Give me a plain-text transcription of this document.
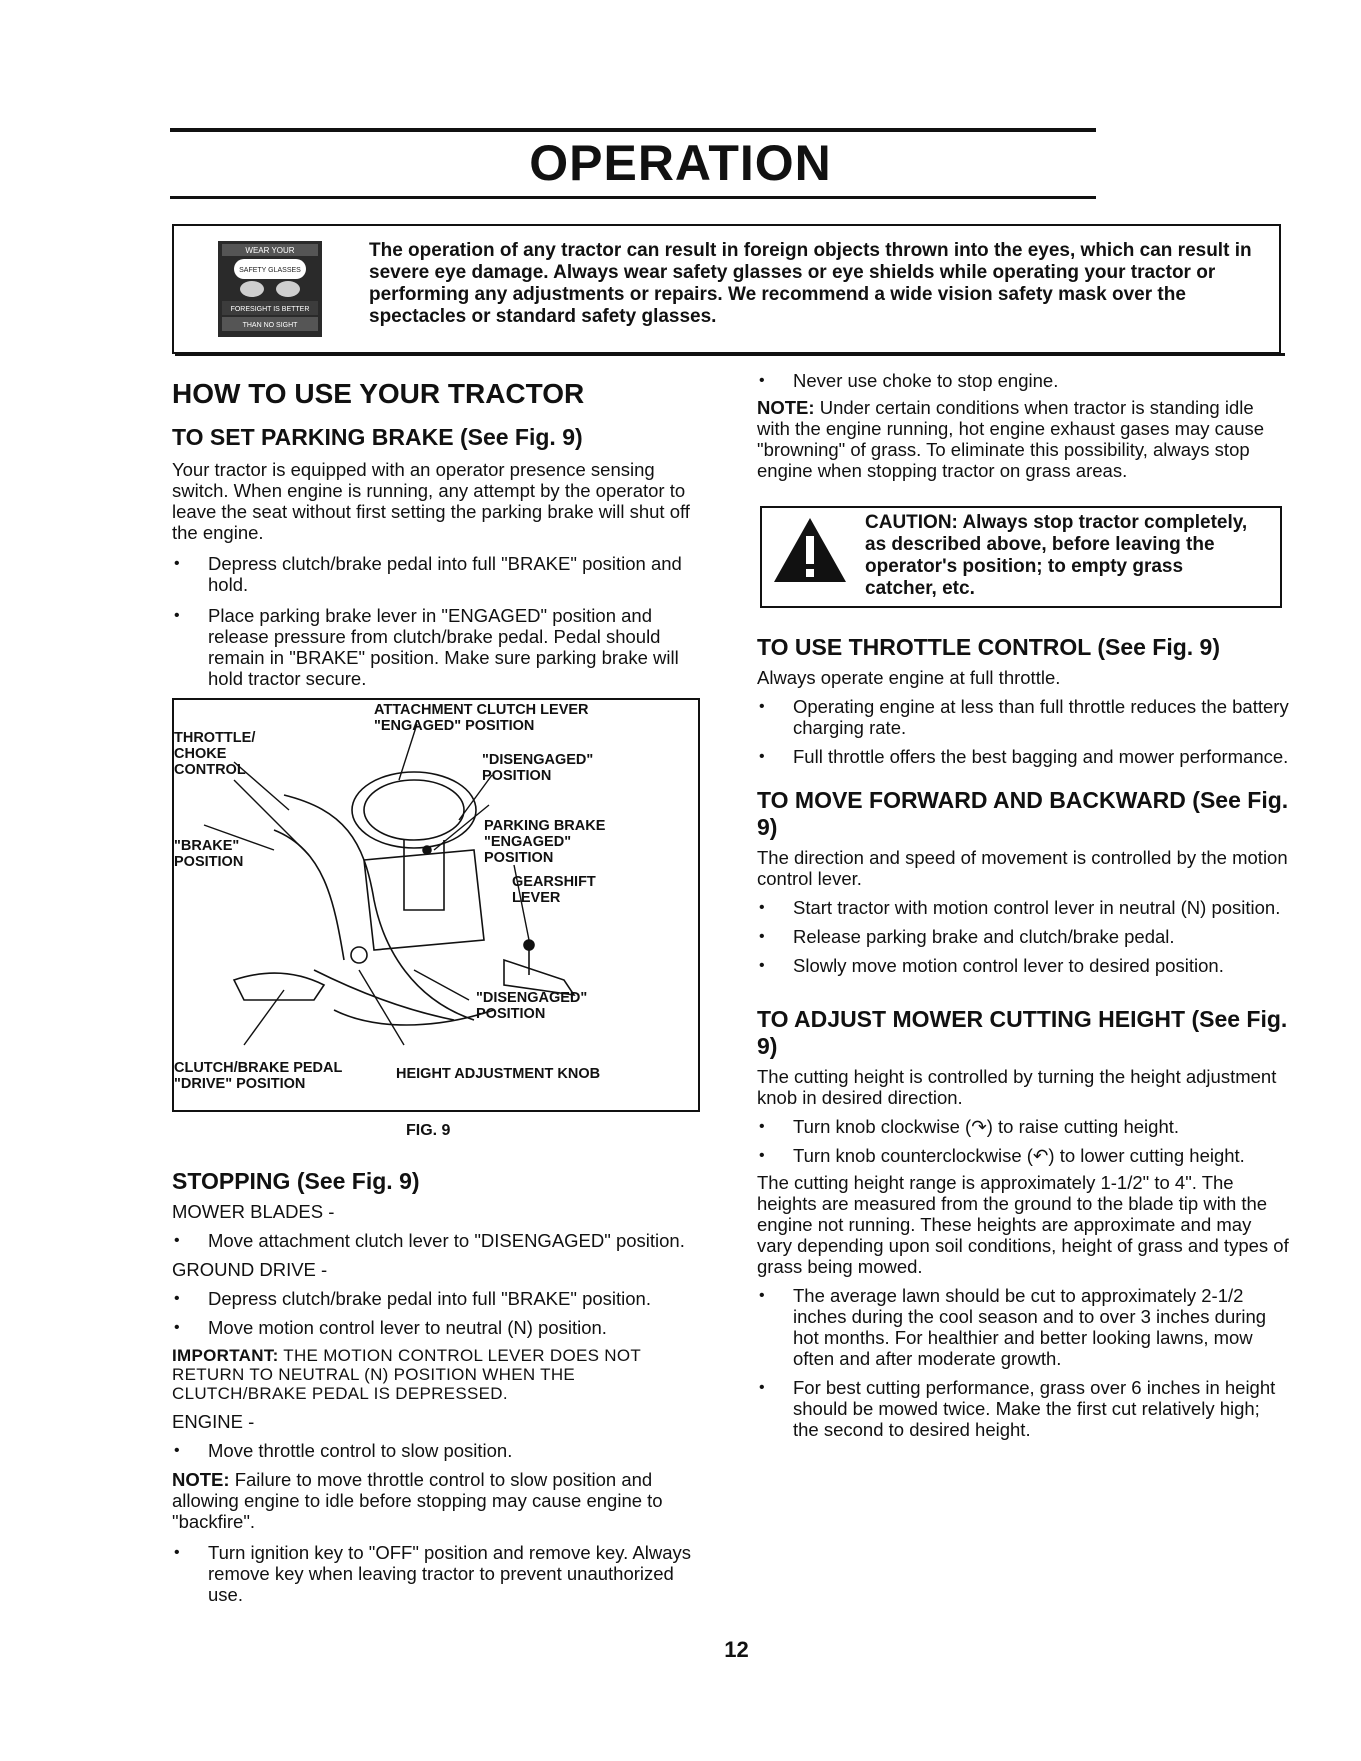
OPERATION
WEAR YOUR
SAFETY GLASSES
FORESIGHT IS BETTER
THAN NO SIGHT
The operation of any tractor can result in foreign objects thrown into the eyes, which can result in severe eye damage. Always wear safety glasses or eye shields while operating your tractor or performing any adjustments or repairs. We recommend a wide vision safety mask over the spectacles or standard safety glasses.
HOW TO USE YOUR TRACTOR
TO SET PARKING BRAKE (See Fig. 9)

Your tractor is equipped with an operator presence sensing switch. When engine is running, any attempt by the operator to leave the seat without first setting the parking brake will shut off the engine.

• Depress clutch/brake pedal into full "BRAKE" position and hold.

• Place parking brake lever in "ENGAGED" position and release pressure from clutch/brake pedal. Pedal should remain in "BRAKE" position. Make sure parking brake will hold tractor secure.

ATTACHMENT CLUTCH LEVER
"ENGAGED" POSITION
THROTTLE/
CHOKE
CONTROL
"DISENGAGED"
POSITION
"BRAKE"
POSITION
PARKING BRAKE
"ENGAGED"
POSITION
GEARSHIFT
LEVER
"DISENGAGED"
POSITION
CLUTCH/BRAKE PEDAL
"DRIVE" POSITION
HEIGHT ADJUSTMENT KNOB
FIG. 9
STOPPING (See Fig. 9)

MOWER BLADES -

• Move attachment clutch lever to "DISENGAGED" position.

GROUND DRIVE -

• Depress clutch/brake pedal into full "BRAKE" position.

• Move motion control lever to neutral (N) position.

IMPORTANT: THE MOTION CONTROL LEVER DOES NOT RETURN TO NEUTRAL (N) POSITION WHEN THE CLUTCH/BRAKE PEDAL IS DEPRESSED.

ENGINE -

• Move throttle control to slow position.

NOTE: Failure to move throttle control to slow position and allowing engine to idle before stopping may cause engine to "backfire".

• Turn ignition key to "OFF" position and remove key. Always remove key when leaving tractor to prevent unauthorized use.

• Never use choke to stop engine.

NOTE: Under certain conditions when tractor is standing idle with the engine running, hot engine exhaust gases may cause "browning" of grass. To eliminate this possibility, always stop engine when stopping tractor on grass areas.

CAUTION: Always stop tractor completely, as described above, before leaving the operator's position; to empty grass catcher, etc.
TO USE THROTTLE CONTROL (See Fig. 9)

Always operate engine at full throttle.

• Operating engine at less than full throttle reduces the battery charging rate.

• Full throttle offers the best bagging and mower performance.

TO MOVE FORWARD AND BACKWARD (See Fig. 9)

The direction and speed of movement is controlled by the motion control lever.

• Start tractor with motion control lever in neutral (N) position.

• Release parking brake and clutch/brake pedal.

• Slowly move motion control lever to desired position.

TO ADJUST MOWER CUTTING HEIGHT (See Fig. 9)

The cutting height is controlled by turning the height adjustment knob in desired direction.

• Turn knob clockwise (↷) to raise cutting height.

• Turn knob counterclockwise (↶) to lower cutting height.

The cutting height range is approximately 1-1/2" to 4". The heights are measured from the ground to the blade tip with the engine not running. These heights are approximate and may vary depending upon soil conditions, height of grass and types of grass being mowed.

• The average lawn should be cut to approximately 2-1/2 inches during the cool season and to over 3 inches during hot months. For healthier and better looking lawns, mow often and after moderate growth.

• For best cutting performance, grass over 6 inches in height should be mowed twice. Make the first cut relatively high; the second to desired height.

12
